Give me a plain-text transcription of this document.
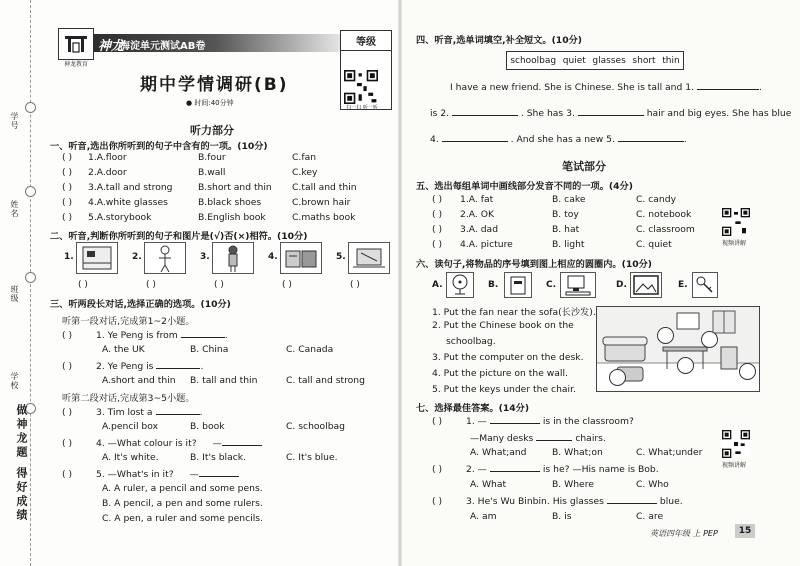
学号
姓名
班级
学校
做神龙题 得好成绩
神龙教育
神龙
海淀单元测试AB卷	等级
期中学情调研(B)
● 时间:40分钟
扫一扫 听一听
听力部分
一、听音,选出你所听到的句子中含有的一项。(10分)
( ) 1.A.floor	B.four	C.fan
( ) 2.A.door	B.wall	C.key
( ) 3.A.tall and strong	B.short and thin C.tall and thin
( ) 4.A.white glasses	B.black shoes	C.brown hair
( ) 5.A.storybook	B.English book	C.maths book
二、听音,判断你所听到的句子和图片是(√)否(×)相符。(10分)
1.
( )
2.
( )
3.
( )
4.
( )
5.
( )
三、听两段长对话,选择正确的选项。(10分)
听第一段对话,完成第1~2小题。
听第二段对话,完成第3~5小题。
( )	1. Ye Peng is from	.
A. the UK	B. China	C. Canada
( )	2. Ye Peng is	.
A.short and thin B. tall and thin	C. tall and strong
( )	3. Tim lost a	.
A.pencil box	B. book	C. schoolbag
( )	4. —What colour is it? —
A. It's white.	B. It's black.	C. It's blue.
( )	5. —What's in it? —
A. A ruler, a pencil and some pens.
B. A pencil, a pen and some rulers.
C. A pen, a ruler and some pencils.
四、听音,选单词填空,补全短文。(10分)
schoolbag quiet glasses short thin
I have a new friend. She is Chinese. She is tall and 1.	.
is 2.	. She has 3.	hair and big eyes. She has blue
4.	. And she has a new 5.	.
笔试部分
五、选出每组单词中画线部分发音不同的一项。(4分)
( ) 1.A. fat	B. cake	C. candy
( ) 2.A. OK	B. toy	C. notebook
( ) 3.A. dad	B. hat	C. classroom
( ) 4.A. picture	B. light	C. quiet	视频讲解
六、读句子,将物品的序号填到图上相应的圆圈内。(10分)
A.	B.	C.	D.	E.
1. Put the fan near the sofa(长沙发).
2. Put the Chinese book on the
schoolbag.
3. Put the computer on the desk.
4. Put the picture on the wall.
5. Put the keys under the chair.
七、选择最佳答案。(14分)
( )	1. —	is in the classroom?
—Many desks	chairs.
A. What;and	B. What;on	C. What;under
( )	2. —	is he? —His name is Bob.
A. What	B. Where	C. Who
( )	3. He's Wu Binbin. His glasses	blue.
A. am	B. is	C. are
视频讲解
英语四年级 上 PEP	15
